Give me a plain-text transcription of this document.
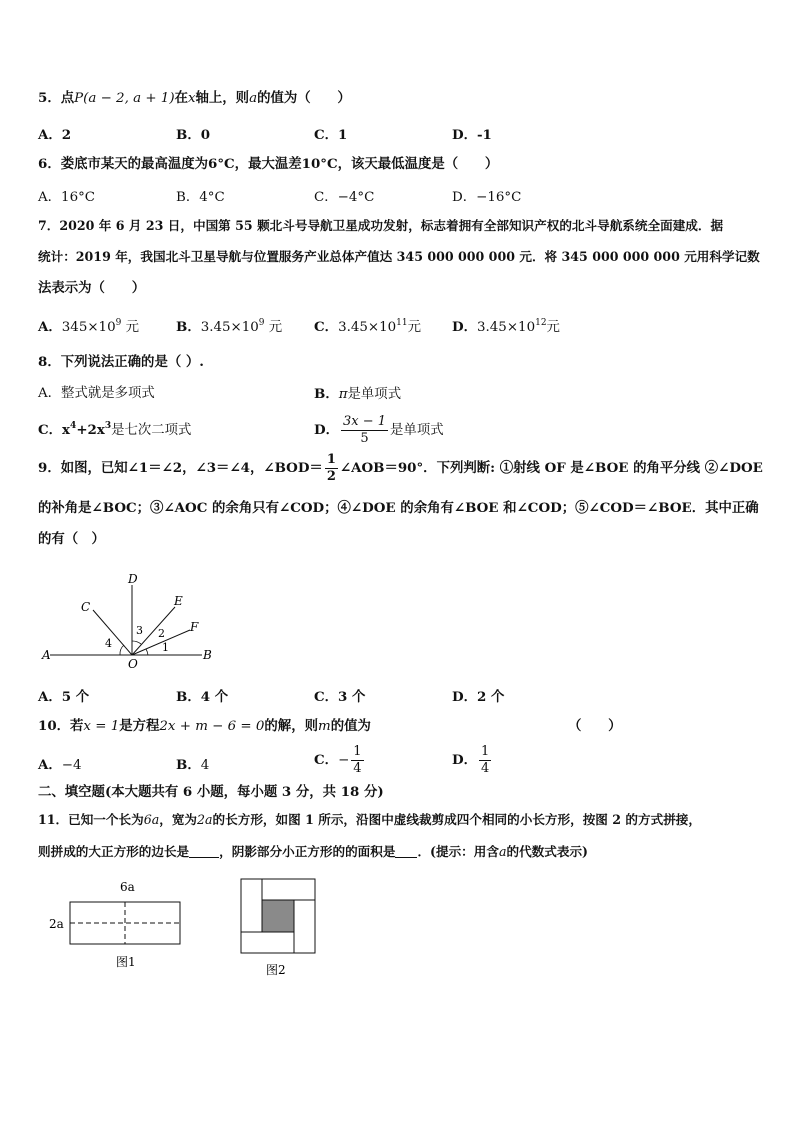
5．点P(a − 2, a + 1)在x轴上，则a的值为（　　）
A．2	B．0	C．1	D．-1
6．娄底市某天的最高温度为6°C，最大温差10°C，该天最低温度是（　　）
A．16°C	B．4°C	C．−4°C	D．−16°C
7．2020 年 6 月 23 日，中国第 55 颗北斗号导航卫星成功发射，标志着拥有全部知识产权的北斗导航系统全面建成．据
统计：2019 年，我国北斗卫星导航与位置服务产业总体产值达 345 000 000 000 元．将 345 000 000 000 元用科学记数
法表示为（　　）
A．$345\times 10^9$ 元	B．$3.45\times 10^9$ 元 C．$3.45\times 10^{11}$元 D．$3.45\times 10^{12}$元
8．下列说法正确的是（ ）.
A．整式就是多项式	B．π是单项式
C．$x^4+2x^3$是七次二项式	D． $\frac{3x - 1}{5}$ 是单项式
9．如图，已知∠1＝∠2，∠3＝∠4，∠BOD＝ $\frac{1}{2}$ ∠AOB＝90°．下列判断: ①射线 OF 是∠BOE 的角平分线 ②∠DOE
的补角是∠BOC；③∠AOC 的余角只有∠COD；④∠DOE 的余角有∠BOE 和∠COD；⑤∠COD＝∠BOE．其中正确
的有（　）
A	B
C
D
E
F
O
1
2
3
4
A．5 个	B．4 个	C．3 个	D．2 个
10．若x = 1是方程2x + m − 6 = 0的解，则m的值为	（　　）
A．−4	B．4	C．− $\frac{1}{4}$	D． $\frac{1}{4}$
二、填空题(本大题共有 6 小题，每小题 3 分，共 18 分)
11．已知一个长为6a，宽为2a的长方形，如图 1 所示，沿图中虚线裁剪成四个相同的小长方形，按图 2 的方式拼接，
则拼成的大正方形的边长是 ，阴影部分小正方形的的面积是 ．(提示：用含a的代数式表示)
6a
2a
图1
图2
